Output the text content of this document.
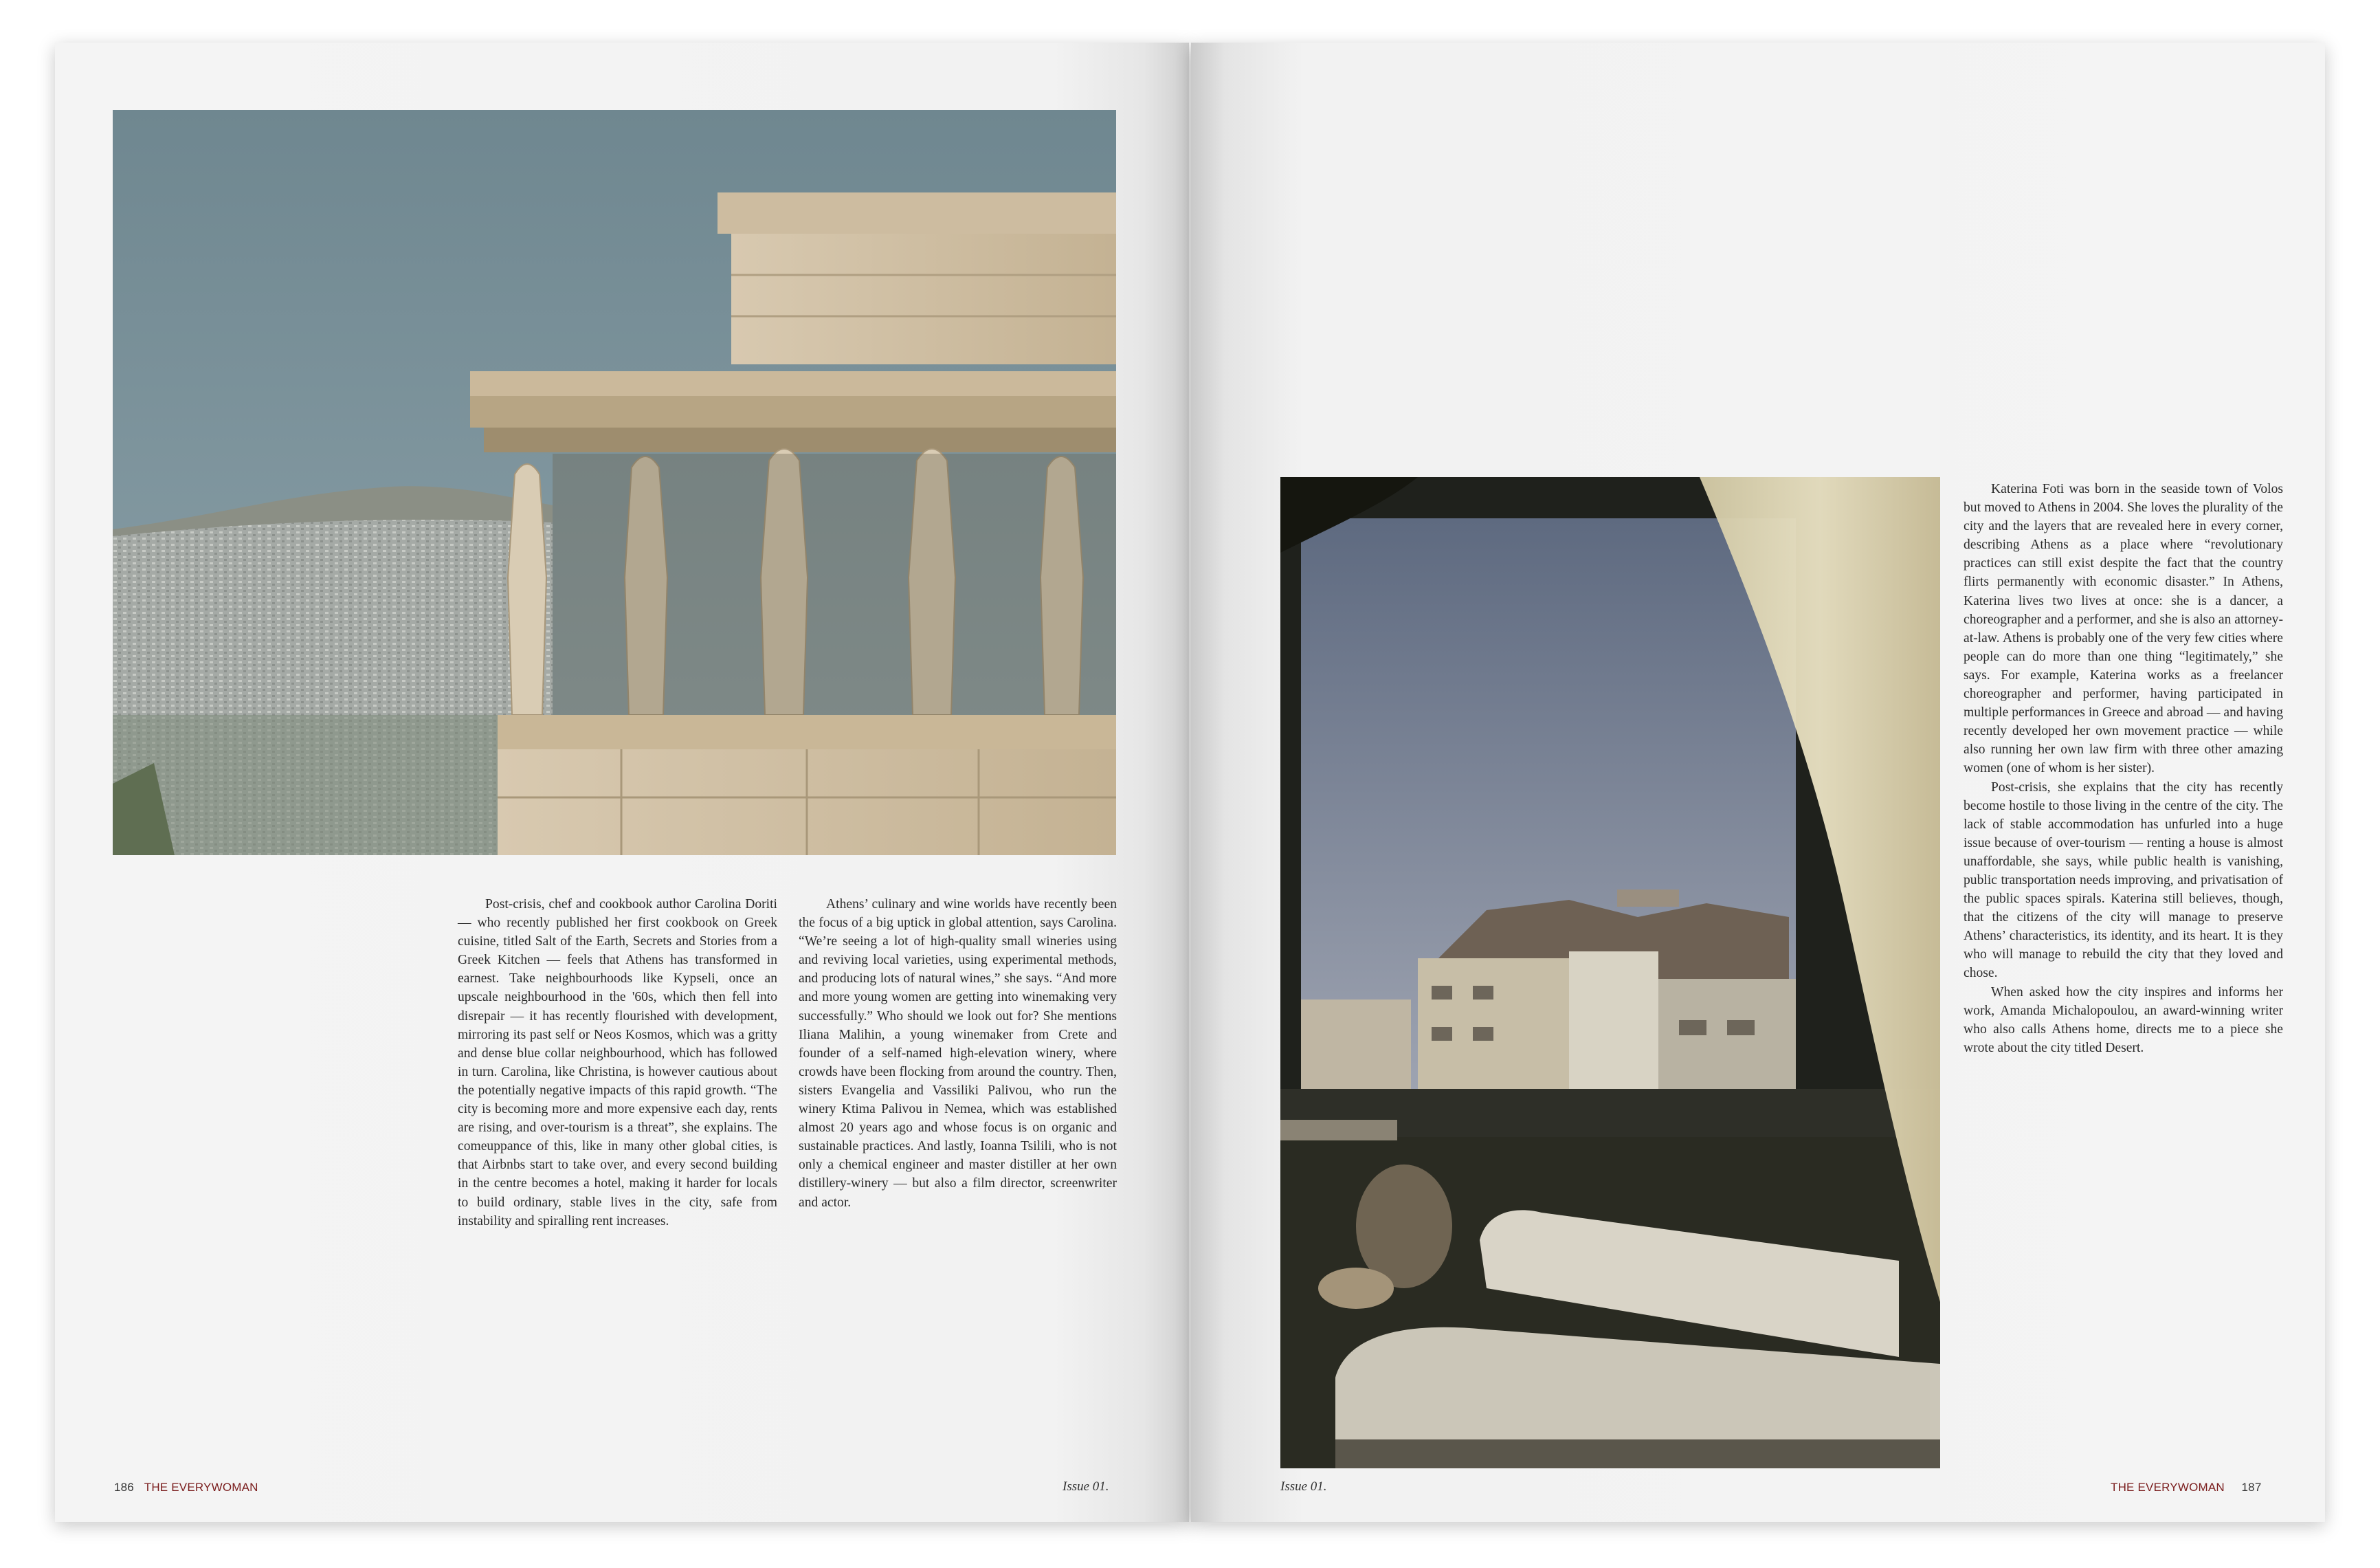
Post-crisis, chef and cookbook author Carolina Doriti — who recently published her first cookbook on Greek cuisine, titled Salt of the Earth, Secrets and Stories from a Greek Kitchen — feels that Athens has transformed in earnest. Take neighbourhoods like Kypseli, once an upscale neighbourhood in the '60s, which then fell into disrepair — it has recently flourished with development, mirroring its past self or Neos Kosmos, which was a gritty and dense blue collar neighbourhood, which has followed in turn. Carolina, like Christina, is however cautious about the potentially negative impacts of this rapid growth. “The city is becoming more and more expensive each day, rents are rising, and over-tourism is a threat”, she explains. The comeuppance of this, like in many other global cities, is that Airbnbs start to take over, and every second building in the centre becomes a hotel, making it harder for locals to build ordinary, stable lives in the city, safe from instability and spiralling rent increases.

Athens’ culinary and wine worlds have recently been the focus of a big uptick in global attention, says Carolina. “We’re seeing a lot of high-quality small wineries using and reviving local varieties, using experimental methods, and producing lots of natural wines,” she says. “And more and more young women are getting into winemaking very successfully.” Who should we look out for? She mentions Iliana Malihin, a young winemaker from Crete and founder of a self-named high-elevation winery, where crowds have been flocking from around the country. Then, sisters Evangelia and Vassiliki Palivou, who run the winery Ktima Palivou in Nemea, which was established almost 20 years ago and whose focus is on organic and sustainable practices. And lastly, Ioanna Tsilili, who is not only a chemical engineer and master distiller at her own distillery-winery — but also a film director, screenwriter and actor.

186 THE EVERYWOMAN	Issue 01.

Katerina Foti was born in the seaside town of Volos but moved to Athens in 2004. She loves the plurality of the city and the layers that are revealed here in every corner, describing Athens as a place where “revolutionary practices can still exist despite the fact that the country flirts permanently with economic disaster.” In Athens, Katerina lives two lives at once: she is a dancer, a choreographer and a performer, and she is also an attorney-at-law. Athens is probably one of the very few cities where people can do more than one thing “legitimately,” she says. For example, Katerina works as a freelancer choreographer and performer, having participated in multiple performances in Greece and abroad — and having recently developed her own movement practice — while also running her own law firm with three other amazing women (one of whom is her sister).

Post-crisis, she explains that the city has recently become hostile to those living in the centre of the city. The lack of stable accommodation has unfurled into a huge issue because of over-tourism — renting a house is almost unaffordable, she says, while public health is vanishing, public transportation needs improving, and privatisation of the public spaces spirals. Katerina still believes, though, that the citizens of the city will manage to preserve Athens’ characteristics, its identity, and its heart. It is they who will manage to rebuild the city that they loved and chose.

When asked how the city inspires and informs her work, Amanda Michalopoulou, an award-winning writer who also calls Athens home, directs me to a piece she wrote about the city titled Desert.

Issue 01.	THE EVERYWOMAN 187
